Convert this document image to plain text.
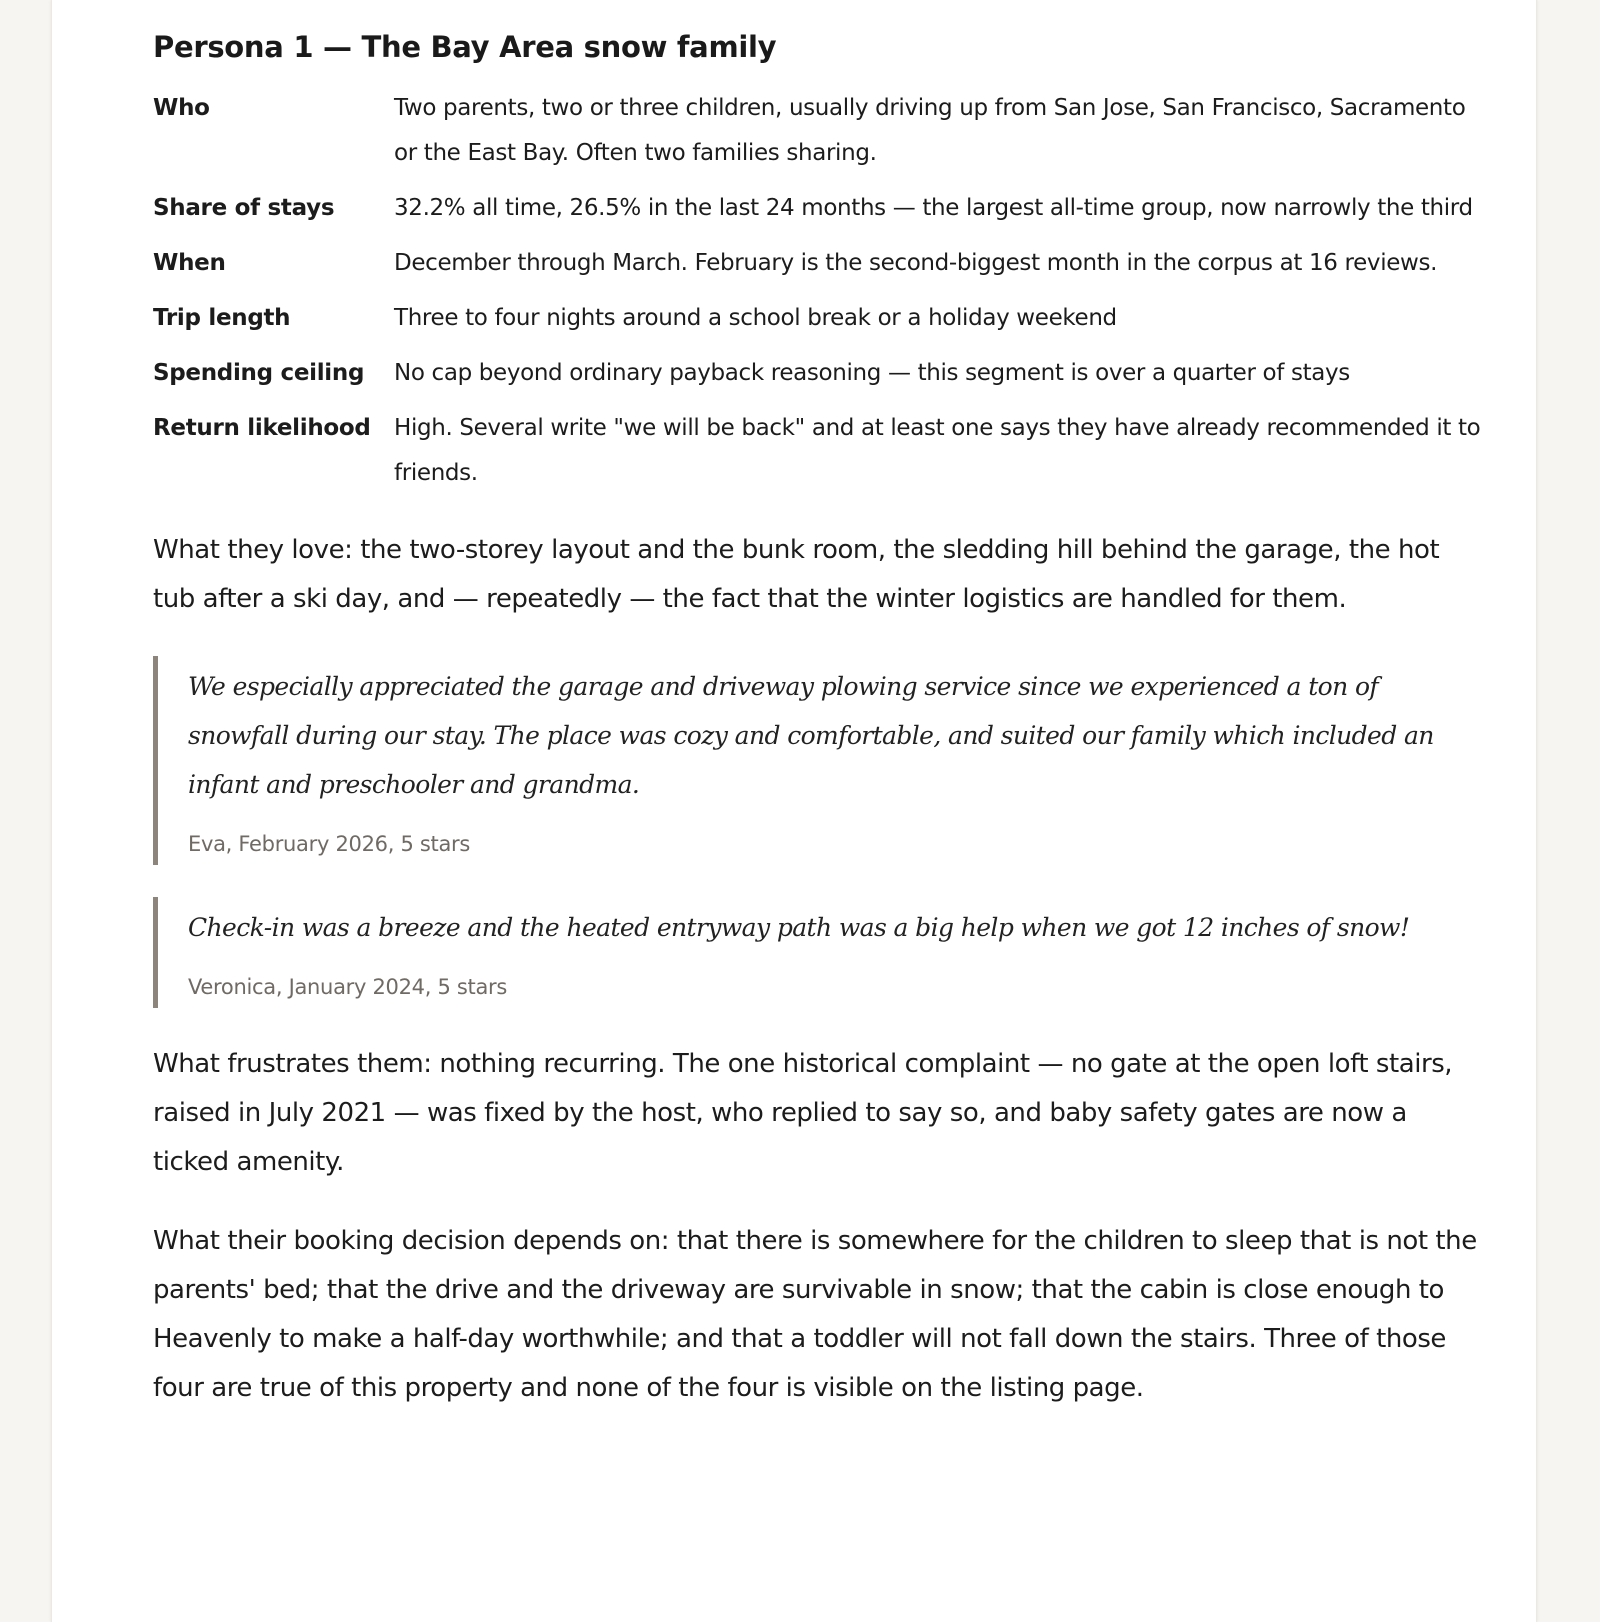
Persona 1 — The Bay Area snow family
Who	Two parents, two or three children, usually driving up from San Jose, San Francisco, Sacramento or the East Bay. Often two families sharing.
Share of stays	32.2% all time, 26.5% in the last 24 months — the largest all-time group, now narrowly the third
When	December through March. February is the second-biggest month in the corpus at 16 reviews.
Trip length	Three to four nights around a school break or a holiday weekend
Spending ceiling	No cap beyond ordinary payback reasoning — this segment is over a quarter of stays
Return likelihood	High. Several write "we will be back" and at least one says they have already recommended it to friends.

What they love: the two-storey layout and the bunk room, the sledding hill behind the garage, the hot tub after a ski day, and — repeatedly — the fact that the winter logistics are handled for them.

We especially appreciated the garage and driveway plowing service since we experienced a ton of snowfall during our stay. The place was cozy and comfortable, and suited our family which included an infant and preschooler and grandma.

Eva, February 2026, 5 stars

Check-in was a breeze and the heated entryway path was a big help when we got 12 inches of snow!

Veronica, January 2024, 5 stars

What frustrates them: nothing recurring. The one historical complaint — no gate at the open loft stairs, raised in July 2021 — was fixed by the host, who replied to say so, and baby safety gates are now a ticked amenity.

What their booking decision depends on: that there is somewhere for the children to sleep that is not the parents' bed; that the drive and the driveway are survivable in snow; that the cabin is close enough to Heavenly to make a half-day worthwhile; and that a toddler will not fall down the stairs. Three of those four are true of this property and none of the four is visible on the listing page.
